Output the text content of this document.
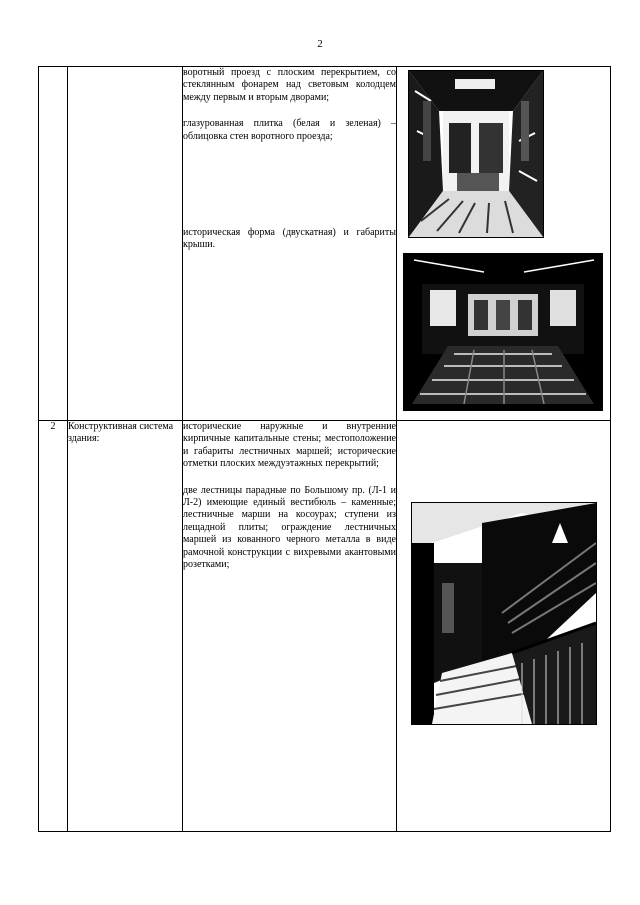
2

		воротный проезд с плоским перекрытием, со стеклянным фонарем над световым колодцем между первым и вторым дворами;

глазурованная плитка (белая и зеленая) – облицовка стен воротного проезда;

историческая форма (двускатная) и габариты крыши.

2	Конструктивная система здания:	исторические наружные и внутренние кирпичные капитальные стены; местоположение и габариты лестничных маршей; исторические отметки плоских междуэтажных перекрытий;

две лестницы парадные по Большому пр. (Л-1 и Л-2) имеющие единый вестибюль – каменные; лестничные марши на косоурах; ступени из лещадной плиты; ограждение лестничных маршей из кованного черного металла в виде рамочной конструкции с вихревыми акантовыми розетками;
